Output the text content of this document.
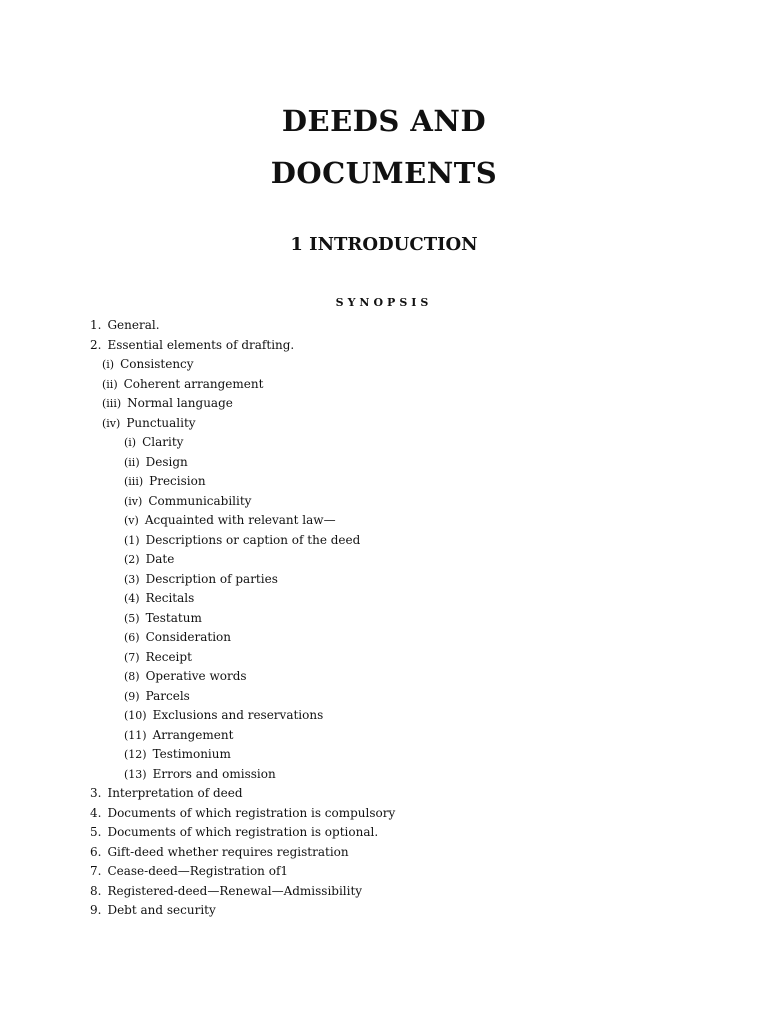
DEEDS AND
DOCUMENTS
1 INTRODUCTION
SYNOPSIS
1. General.
2. Essential elements of drafting.
(i) Consistency
(ii) Coherent arrangement
(iii) Normal language
(iv) Punctuality
(i) Clarity
(ii) Design
(iii) Precision
(iv) Communicability
(v) Acquainted with relevant law—
(1) Descriptions or caption of the deed
(2) Date
(3) Description of parties
(4) Recitals
(5) Testatum
(6) Consideration
(7) Receipt
(8) Operative words
(9) Parcels
(10) Exclusions and reservations
(11) Arrangement
(12) Testimonium
(13) Errors and omission
3. Interpretation of deed
4. Documents of which registration is compulsory
5. Documents of which registration is optional.
6. Gift-deed whether requires registration
7. Cease-deed—Registration of1
8. Registered-deed—Renewal—Admissibility
9. Debt and security
